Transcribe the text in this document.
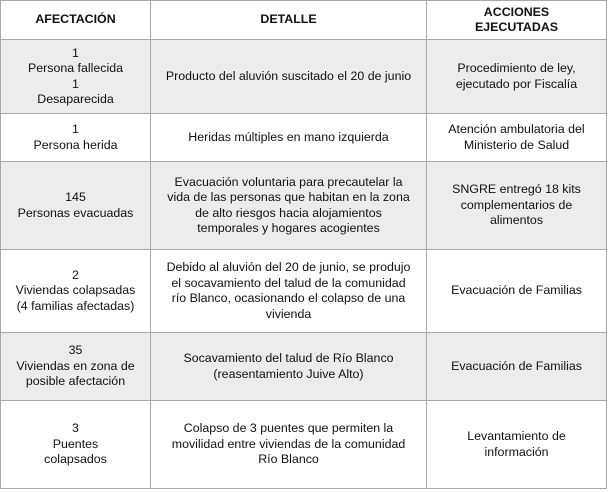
AFECTACIÓN	DETALLE	ACCIONES
EJECUTADAS

1
Persona fallecida
1
Desaparecida	Producto del aluvión suscitado el 20 de junio	Procedimiento de ley,
ejecutado por Fiscalía

1
Persona herida	Heridas múltiples en mano izquierda	Atención ambulatoria del
Ministerio de Salud

145
Personas evacuadas	Evacuación voluntaria para precautelar la
vida de las personas que habitan en la zona
de alto riesgos hacia alojamientos
temporales y hogares acogientes	SNGRE entregó 18 kits
complementarios de
alimentos

2
Viviendas colapsadas
(4 familias afectadas)	Debido al aluvión del 20 de junio, se produjo
el socavamiento del talud de la comunidad
río Blanco, ocasionando el colapso de una
vivienda	Evacuación de Familias

35
Viviendas en zona de
posible afectación	Socavamiento del talud de Río Blanco
(reasentamiento Juive Alto)	Evacuación de Familias

3
Puentes
colapsados	Colapso de 3 puentes que permiten la
movilidad entre viviendas de la comunidad
Río Blanco	Levantamiento de
información
